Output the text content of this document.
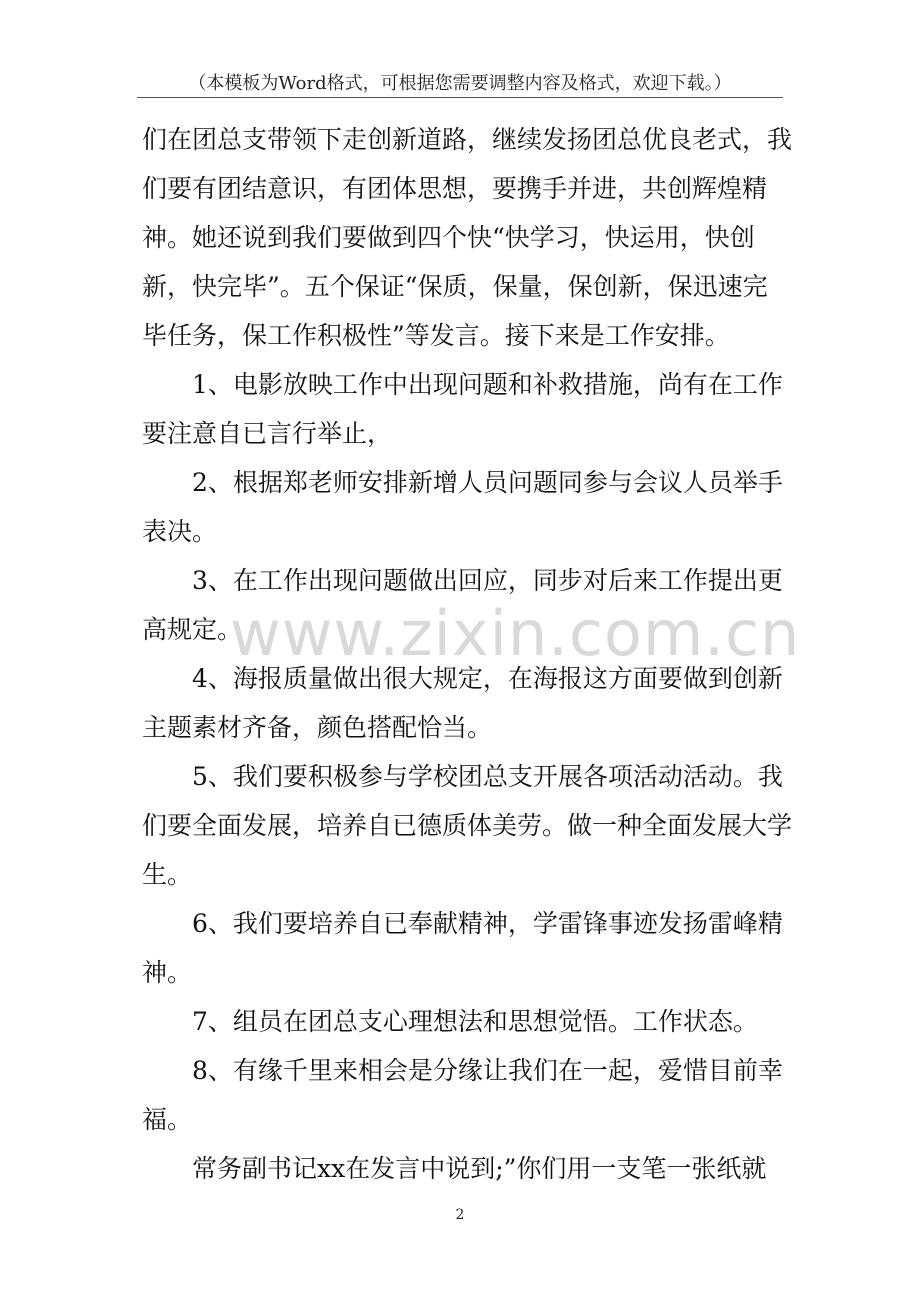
（本模板为Word格式，可根据您需要调整内容及格式，欢迎下载。）
www.zixin.com.cn

们在团总支带领下走创新道路，继续发扬团总优良老式，我们要有团结意识，有团体思想，要携手并进，共创辉煌精神。她还说到我们要做到四个快“快学习，快运用，快创新，快完毕”。五个保证“保质，保量，保创新，保迅速完毕任务，保工作积极性”等发言。接下来是工作安排。

1、电影放映工作中出现问题和补救措施，尚有在工作要注意自已言行举止，

2、根据郑老师安排新增人员问题同参与会议人员举手表决。

3、在工作出现问题做出回应，同步对后来工作提出更高规定。

4、海报质量做出很大规定，在海报这方面要做到创新主题素材齐备，颜色搭配恰当。

5、我们要积极参与学校团总支开展各项活动活动。我们要全面发展，培养自已德质体美劳。做一种全面发展大学生。

6、我们要培养自已奉献精神，学雷锋事迹发扬雷峰精神。

7、组员在团总支心理想法和思想觉悟。工作状态。

8、有缘千里来相会是分缘让我们在一起，爱惜目前幸福。

常务副书记xx在发言中说到;”你们用一支笔一张纸就

2
